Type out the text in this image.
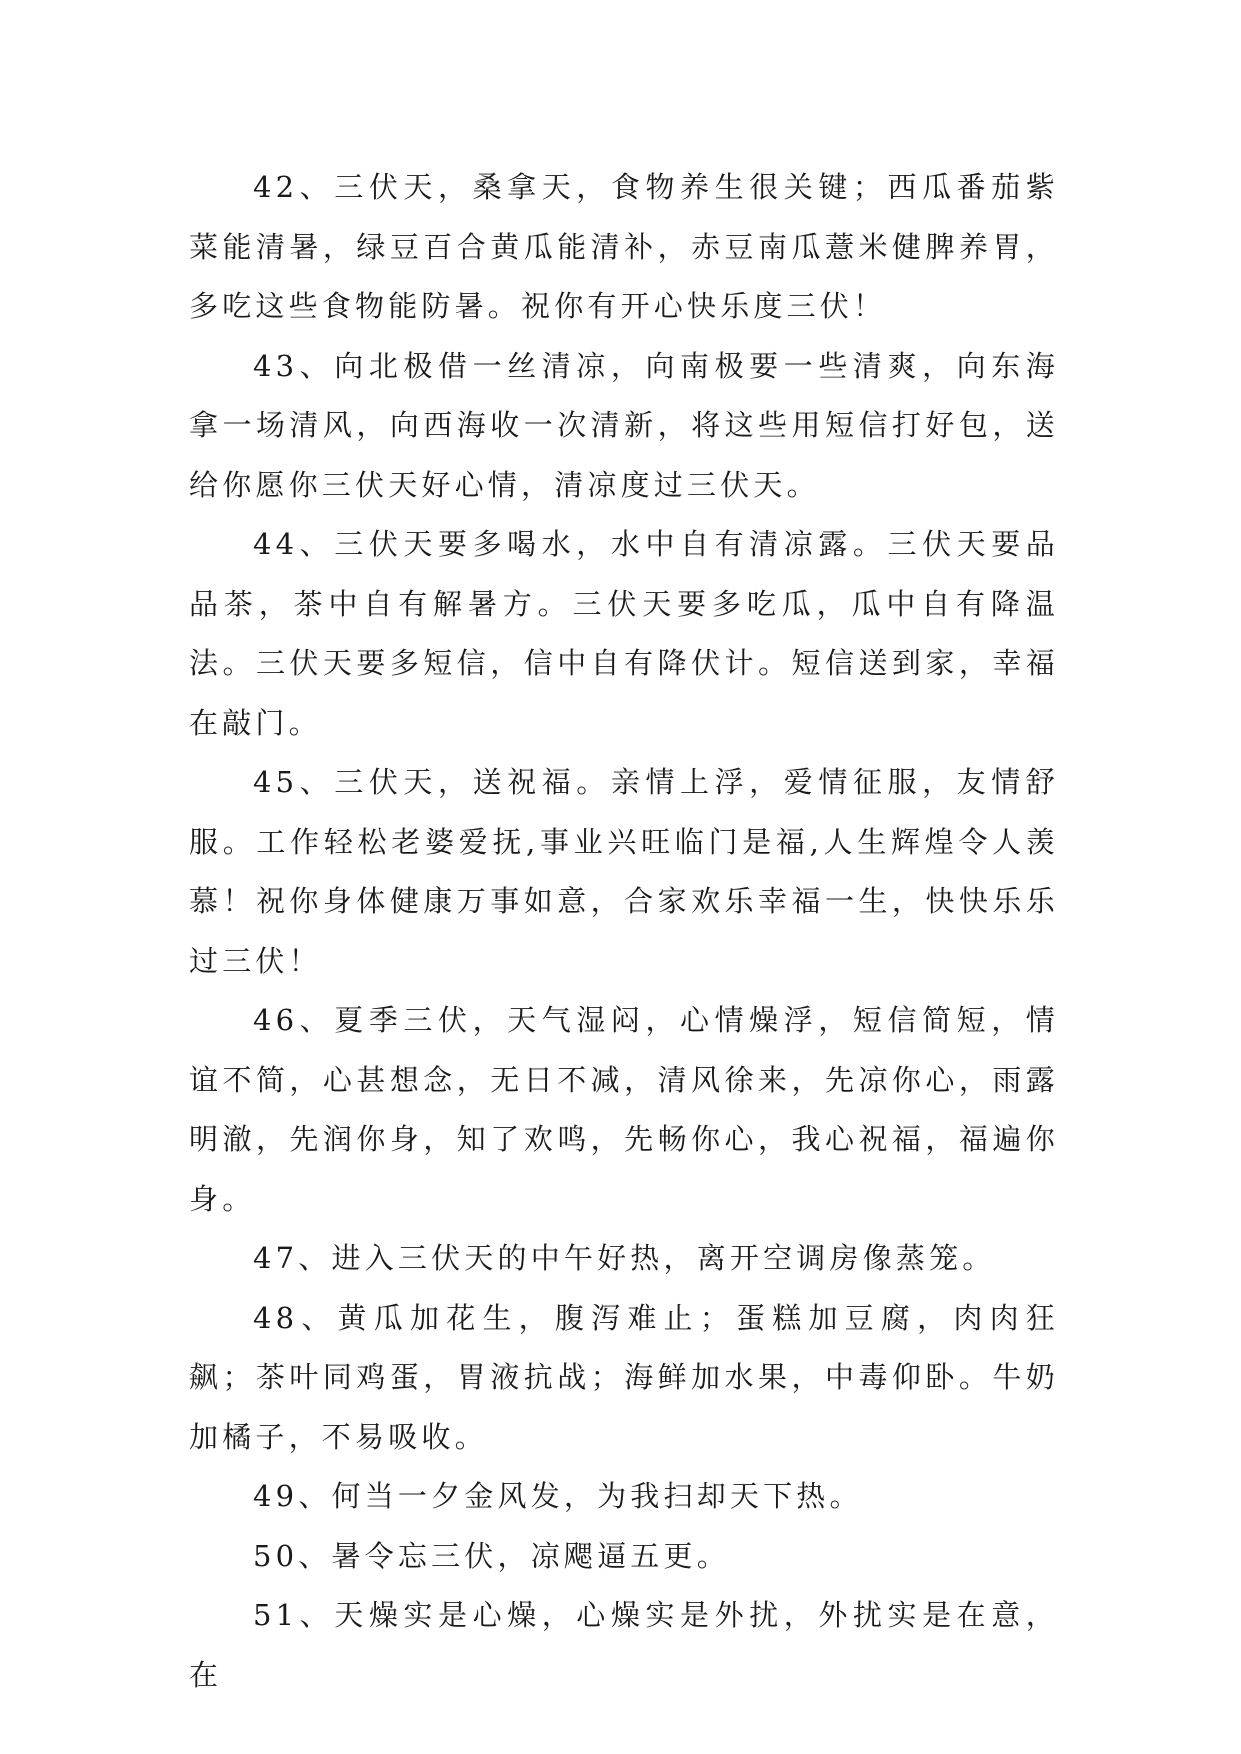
42、三伏天，桑拿天，食物养生很关键；西瓜番茄紫菜能清暑，绿豆百合黄瓜能清补，赤豆南瓜薏米健脾养胃，多吃这些食物能防暑。祝你有开心快乐度三伏！

43、向北极借一丝清凉，向南极要一些清爽，向东海拿一场清风，向西海收一次清新，将这些用短信打好包，送给你愿你三伏天好心情，清凉度过三伏天。

44、三伏天要多喝水，水中自有清凉露。三伏天要品品茶，茶中自有解暑方。三伏天要多吃瓜，瓜中自有降温法。三伏天要多短信，信中自有降伏计。短信送到家，幸福在敲门。

45、三伏天，送祝福。亲情上浮，爱情征服，友情舒服。工作轻松老婆爱抚,事业兴旺临门是福,人生辉煌令人羡慕！祝你身体健康万事如意，合家欢乐幸福一生，快快乐乐过三伏！

46、夏季三伏，天气湿闷，心情燥浮，短信简短，情谊不简，心甚想念，无日不减，清风徐来，先凉你心，雨露明澈，先润你身，知了欢鸣，先畅你心，我心祝福，福遍你身。

47、进入三伏天的中午好热，离开空调房像蒸笼。

48、黄瓜加花生，腹泻难止；蛋糕加豆腐，肉肉狂飙；茶叶同鸡蛋，胃液抗战；海鲜加水果，中毒仰卧。牛奶加橘子，不易吸收。

49、何当一夕金风发，为我扫却天下热。

50、暑令忘三伏，凉飔逼五更。

51、天燥实是心燥，心燥实是外扰，外扰实是在意，在
